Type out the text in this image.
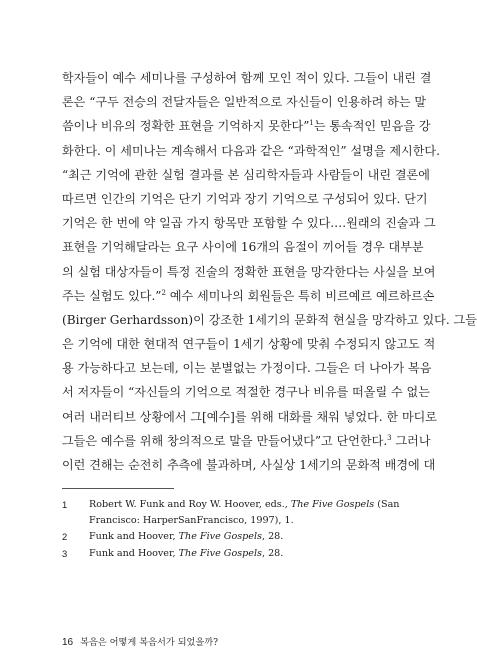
학자들이 예수 세미나를 구성하여 함께 모인 적이 있다. 그들이 내린 결
론은 “구두 전승의 전달자들은 일반적으로 자신들이 인용하려 하는 말
씀이나 비유의 정확한 표현을 기억하지 못한다”$^1$는 통속적인 믿음을 강
화한다. 이 세미나는 계속해서 다음과 같은 “과학적인” 설명을 제시한다.
“최근 기억에 관한 실험 결과를 본 심리학자들과 사람들이 내린 결론에
따르면 인간의 기억은 단기 기억과 장기 기억으로 구성되어 있다. 단기
기억은 한 번에 약 일곱 가지 항목만 포함할 수 있다.…원래의 진술과 그
표현을 기억해달라는 요구 사이에 16개의 음절이 끼어들 경우 대부분
의 실험 대상자들이 특정 진술의 정확한 표현을 망각한다는 사실을 보여
주는 실험도 있다.”$^2$ 예수 세미나의 회원들은 특히 비르예르 예르하르손
(Birger Gerhardsson)이 강조한 1세기의 문화적 현실을 망각하고 있다. 그들
은 기억에 대한 현대적 연구들이 1세기 상황에 맞춰 수정되지 않고도 적
용 가능하다고 보는데, 이는 분별없는 가정이다. 그들은 더 나아가 복음
서 저자들이 “자신들의 기억으로 적절한 경구나 비유를 떠올릴 수 없는
여러 내러티브 상황에서 그[예수]를 위해 대화를 채워 넣었다. 한 마디로
그들은 예수를 위해 창의적으로 말을 만들어냈다”고 단언한다.$^3$ 그러나
이런 견해는 순전히 추측에 불과하며, 사실상 1세기의 문화적 배경에 대
1	Robert W. Funk and Roy W. Hoover, eds., The Five Gospels (San Francisco: HarperSanFrancisco, 1997), 1.
2	Funk and Hoover, The Five Gospels, 28.
3	Funk and Hoover, The Five Gospels, 28.
16 복음은 어떻게 복음서가 되었을까?
